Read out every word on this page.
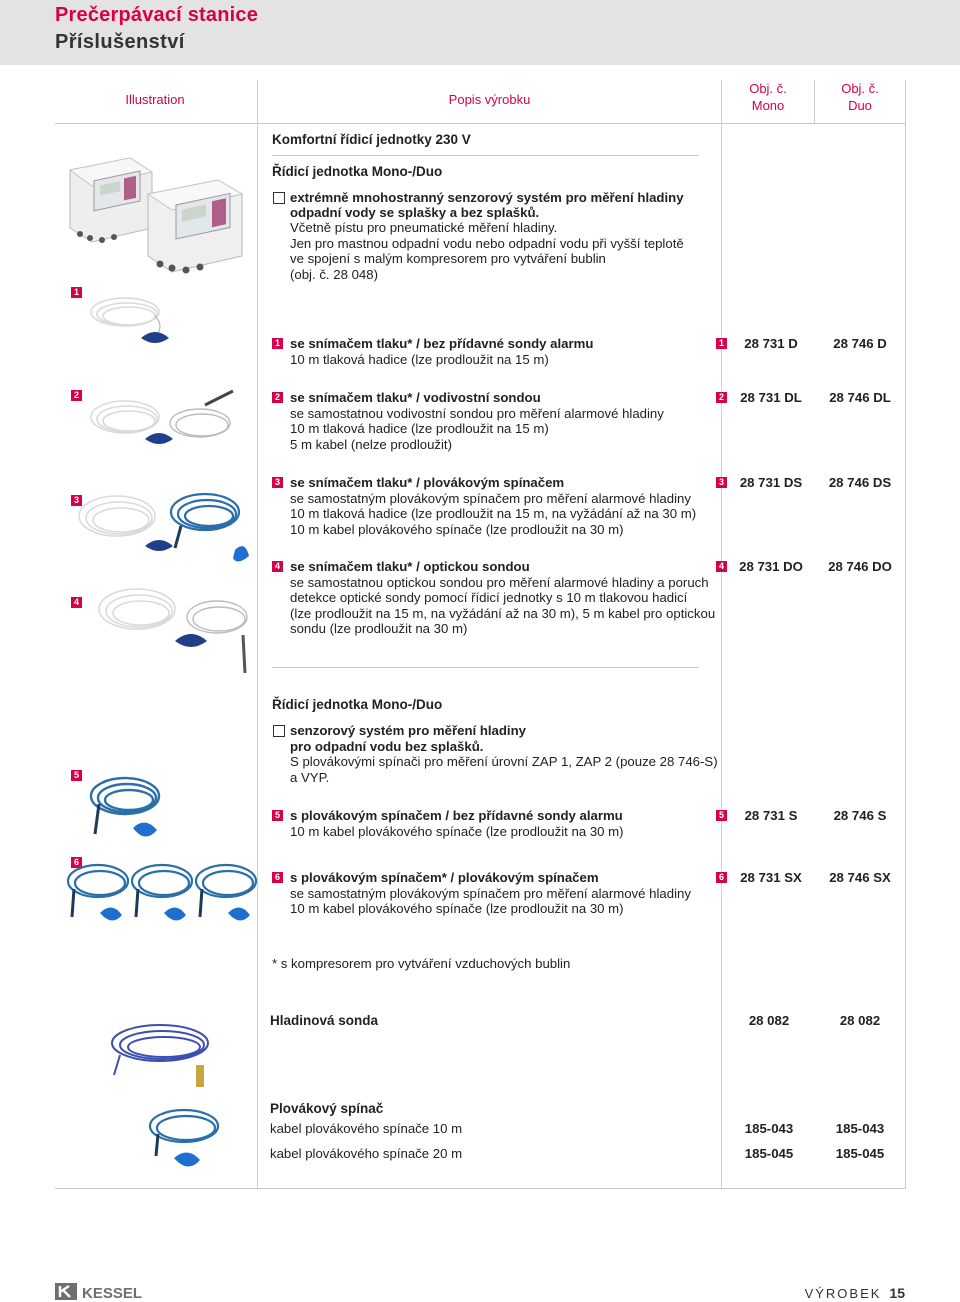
Prečerpávací stanice
Příslušenství
Illustration	Popis výrobku
Obj. č.
Mono
Obj. č.
Duo
Komfortní řídicí jednotky 230 V
Řídicí jednotka Mono-/Duo
extrémně mnohostranný senzorový systém pro měření hladiny
odpadní vody se splašky a bez splašků.
Včetně pístu pro pneumatické měření hladiny.
Jen pro mastnou odpadní vodu nebo odpadní vodu při vyšší teplotě
ve spojení s malým kompresorem pro vytváření bublin
(obj. č. 28 048)
1 se snímačem tlaku* / bez přídavné sondy alarmu
10 m tlaková hadice (lze prodloužit na 15 m)
1	28 731 D	28 746 D
2 se snímačem tlaku* / vodivostní sondou
se samostatnou vodivostní sondou pro měření alarmové hladiny
10 m tlaková hadice (lze prodloužit na 15 m)
5 m kabel (nelze prodloužit)
2	28 731 DL	28 746 DL
3 se snímačem tlaku* / plovákovým spínačem
se samostatným plovákovým spínačem pro měření alarmové hladiny
10 m tlaková hadice (lze prodloužit na 15 m, na vyžádání až na 30 m)
10 m kabel plovákového spínače (lze prodloužit na 30 m)
3	28 731 DS	28 746 DS
4 se snímačem tlaku* / optickou sondou
se samostatnou optickou sondou pro měření alarmové hladiny a poruch
detekce optické sondy pomocí řídicí jednotky s 10 m tlakovou hadicí
(lze prodloužit na 15 m, na vyžádání až na 30 m), 5 m kabel pro optickou
sondu (lze prodloužit na 30 m)
4	28 731 DO	28 746 DO
1
2
3
4
Řídicí jednotka Mono-/Duo
senzorový systém pro měření hladiny
pro odpadní vodu bez splašků.
S plovákovými spínači pro měření úrovní ZAP 1, ZAP 2 (pouze 28 746-S)
a VYP.
5 s plovákovým spínačem / bez přídavné sondy alarmu
10 m kabel plovákového spínače (lze prodloužit na 30 m)
5	28 731 S	28 746 S
6 s plovákovým spínačem* / plovákovým spínačem
se samostatným plovákovým spínačem pro měření alarmové hladiny
10 m kabel plovákového spínače (lze prodloužit na 30 m)
6	28 731 SX	28 746 SX
* s kompresorem pro vytváření vzduchových bublin
5
6
Hladinová sonda	28 082	28 082
Plovákový spínač
kabel plovákového spínače 10 m	185-043	185-043
kabel plovákového spínače 20 m	185-045	185-045
KESSEL	VÝROBEK 15
